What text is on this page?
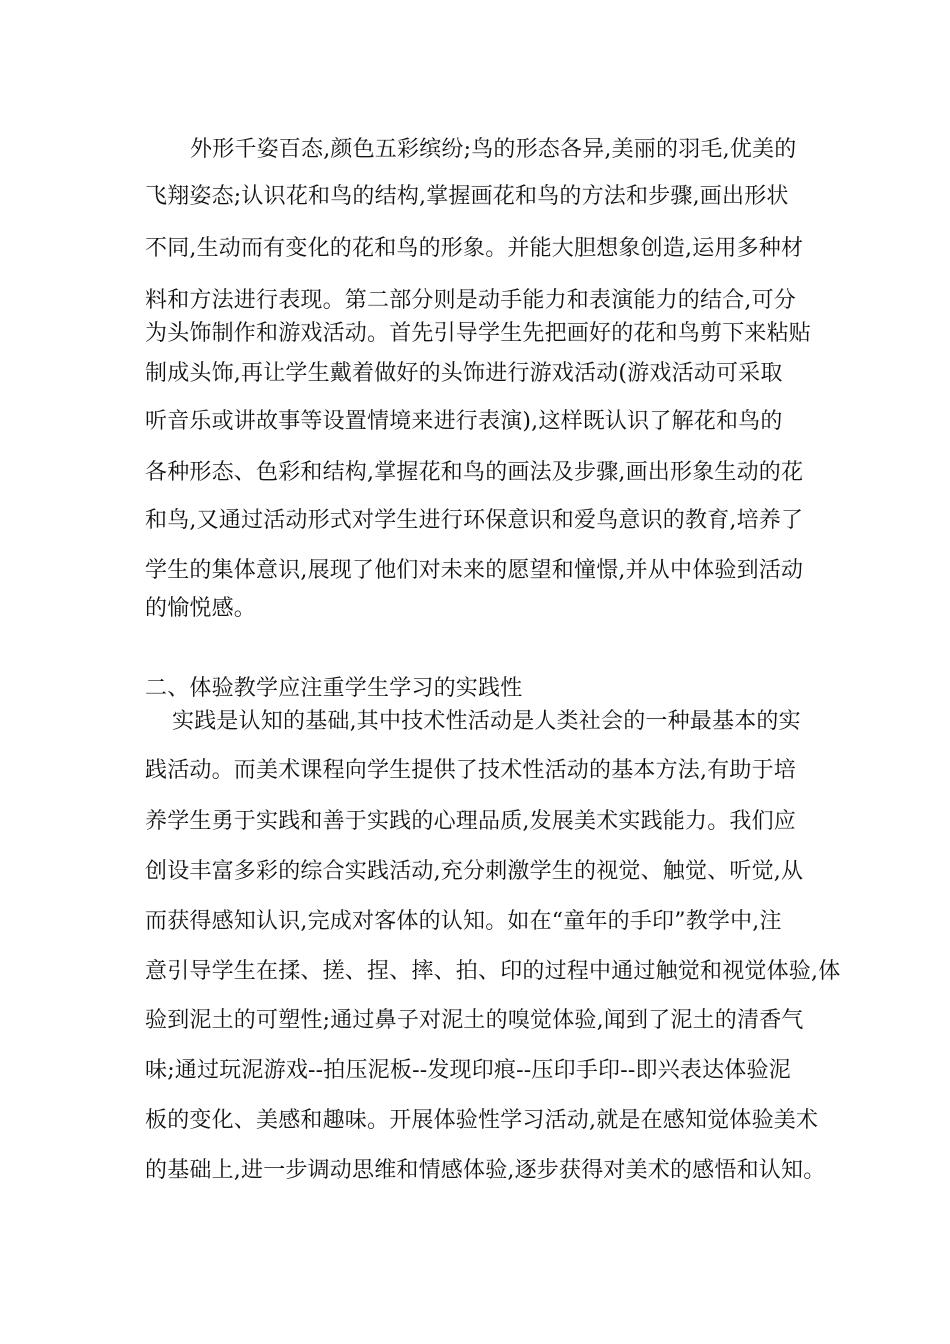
外形千姿百态,颜色五彩缤纷;鸟的形态各异,美丽的羽毛,优美的
飞翔姿态;认识花和鸟的结构,掌握画花和鸟的方法和步骤,画出形状
不同,生动而有变化的花和鸟的形象。并能大胆想象创造,运用多种材
料和方法进行表现。第二部分则是动手能力和表演能力的结合,可分
为头饰制作和游戏活动。首先引导学生先把画好的花和鸟剪下来粘贴
制成头饰,再让学生戴着做好的头饰进行游戏活动(游戏活动可采取
听音乐或讲故事等设置情境来进行表演),这样既认识了解花和鸟的
各种形态、色彩和结构,掌握花和鸟的画法及步骤,画出形象生动的花
和鸟,又通过活动形式对学生进行环保意识和爱鸟意识的教育,培养了
学生的集体意识,展现了他们对未来的愿望和憧憬,并从中体验到活动
的愉悦感。
二、体验教学应注重学生学习的实践性
实践是认知的基础,其中技术性活动是人类社会的一种最基本的实
践活动。而美术课程向学生提供了技术性活动的基本方法,有助于培
养学生勇于实践和善于实践的心理品质,发展美术实践能力。我们应
创设丰富多彩的综合实践活动,充分刺激学生的视觉、触觉、听觉,从
而获得感知认识,完成对客体的认知。如在“童年的手印”教学中,注
意引导学生在揉、搓、捏、摔、拍、印的过程中通过触觉和视觉体验,体
验到泥土的可塑性;通过鼻子对泥土的嗅觉体验,闻到了泥土的清香气
味;通过玩泥游戏--拍压泥板--发现印痕--压印手印--即兴表达体验泥
板的变化、美感和趣味。开展体验性学习活动,就是在感知觉体验美术
的基础上,进一步调动思维和情感体验,逐步获得对美术的感悟和认知。
